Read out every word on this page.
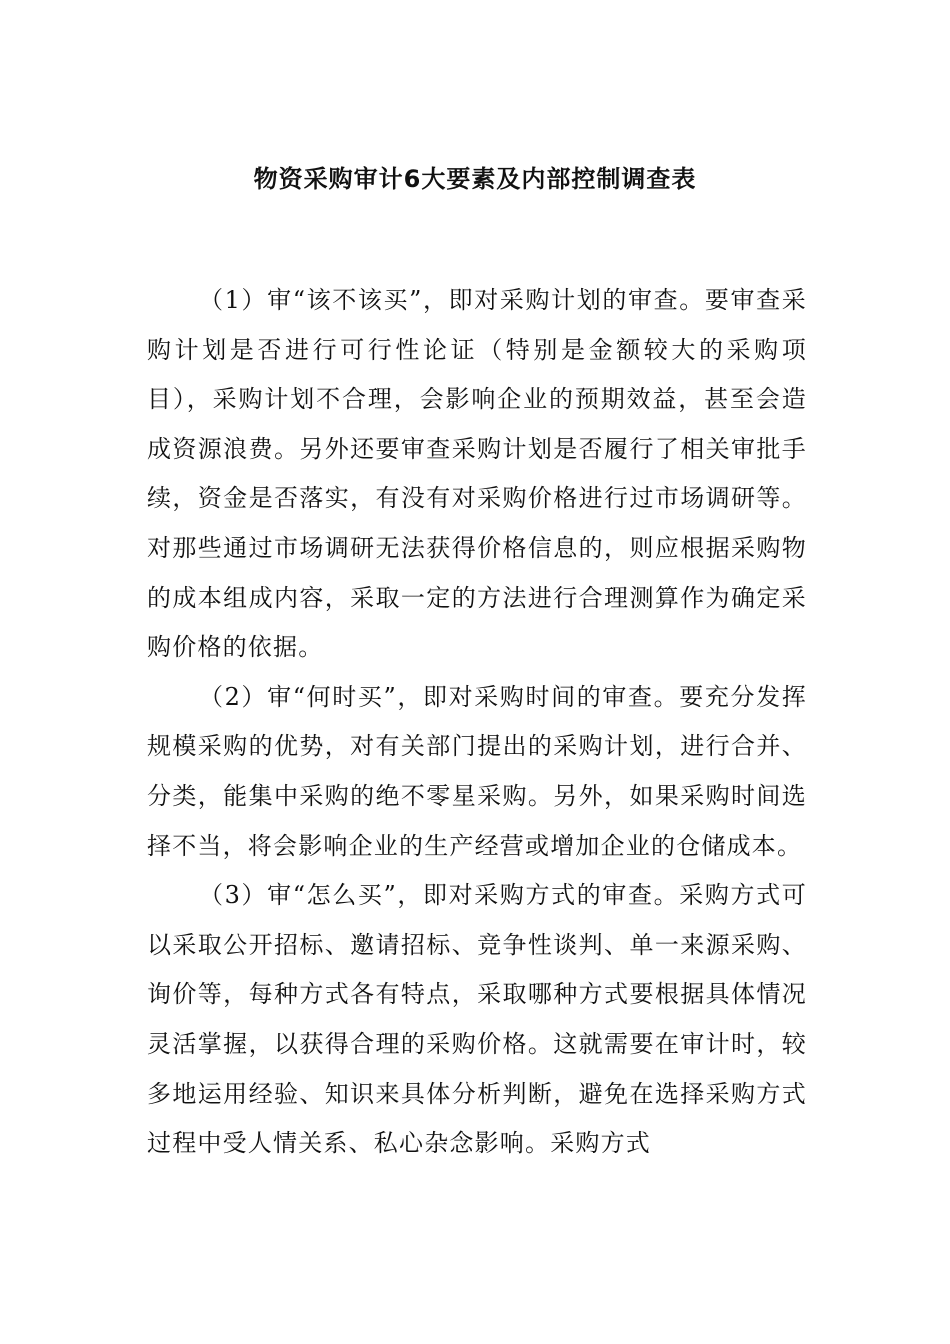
物资采购审计6大要素及内部控制调查表

（1）审“该不该买”，即对采购计划的审查。要审查采购计划是否进行可行性论证（特别是金额较大的采购项目），采购计划不合理，会影响企业的预期效益，甚至会造成资源浪费。另外还要审查采购计划是否履行了相关审批手续，资金是否落实，有没有对采购价格进行过市场调研等。对那些通过市场调研无法获得价格信息的，则应根据采购物的成本组成内容，采取一定的方法进行合理测算作为确定采购价格的依据。

（2）审“何时买”，即对采购时间的审查。要充分发挥规模采购的优势，对有关部门提出的采购计划，进行合并、分类，能集中采购的绝不零星采购。另外，如果采购时间选择不当，将会影响企业的生产经营或增加企业的仓储成本。

（3）审“怎么买”，即对采购方式的审查。采购方式可以采取公开招标、邀请招标、竞争性谈判、单一来源采购、询价等，每种方式各有特点，采取哪种方式要根据具体情况灵活掌握，以获得合理的采购价格。这就需要在审计时，较多地运用经验、知识来具体分析判断，避免在选择采购方式过程中受人情关系、私心杂念影响。采购方式
